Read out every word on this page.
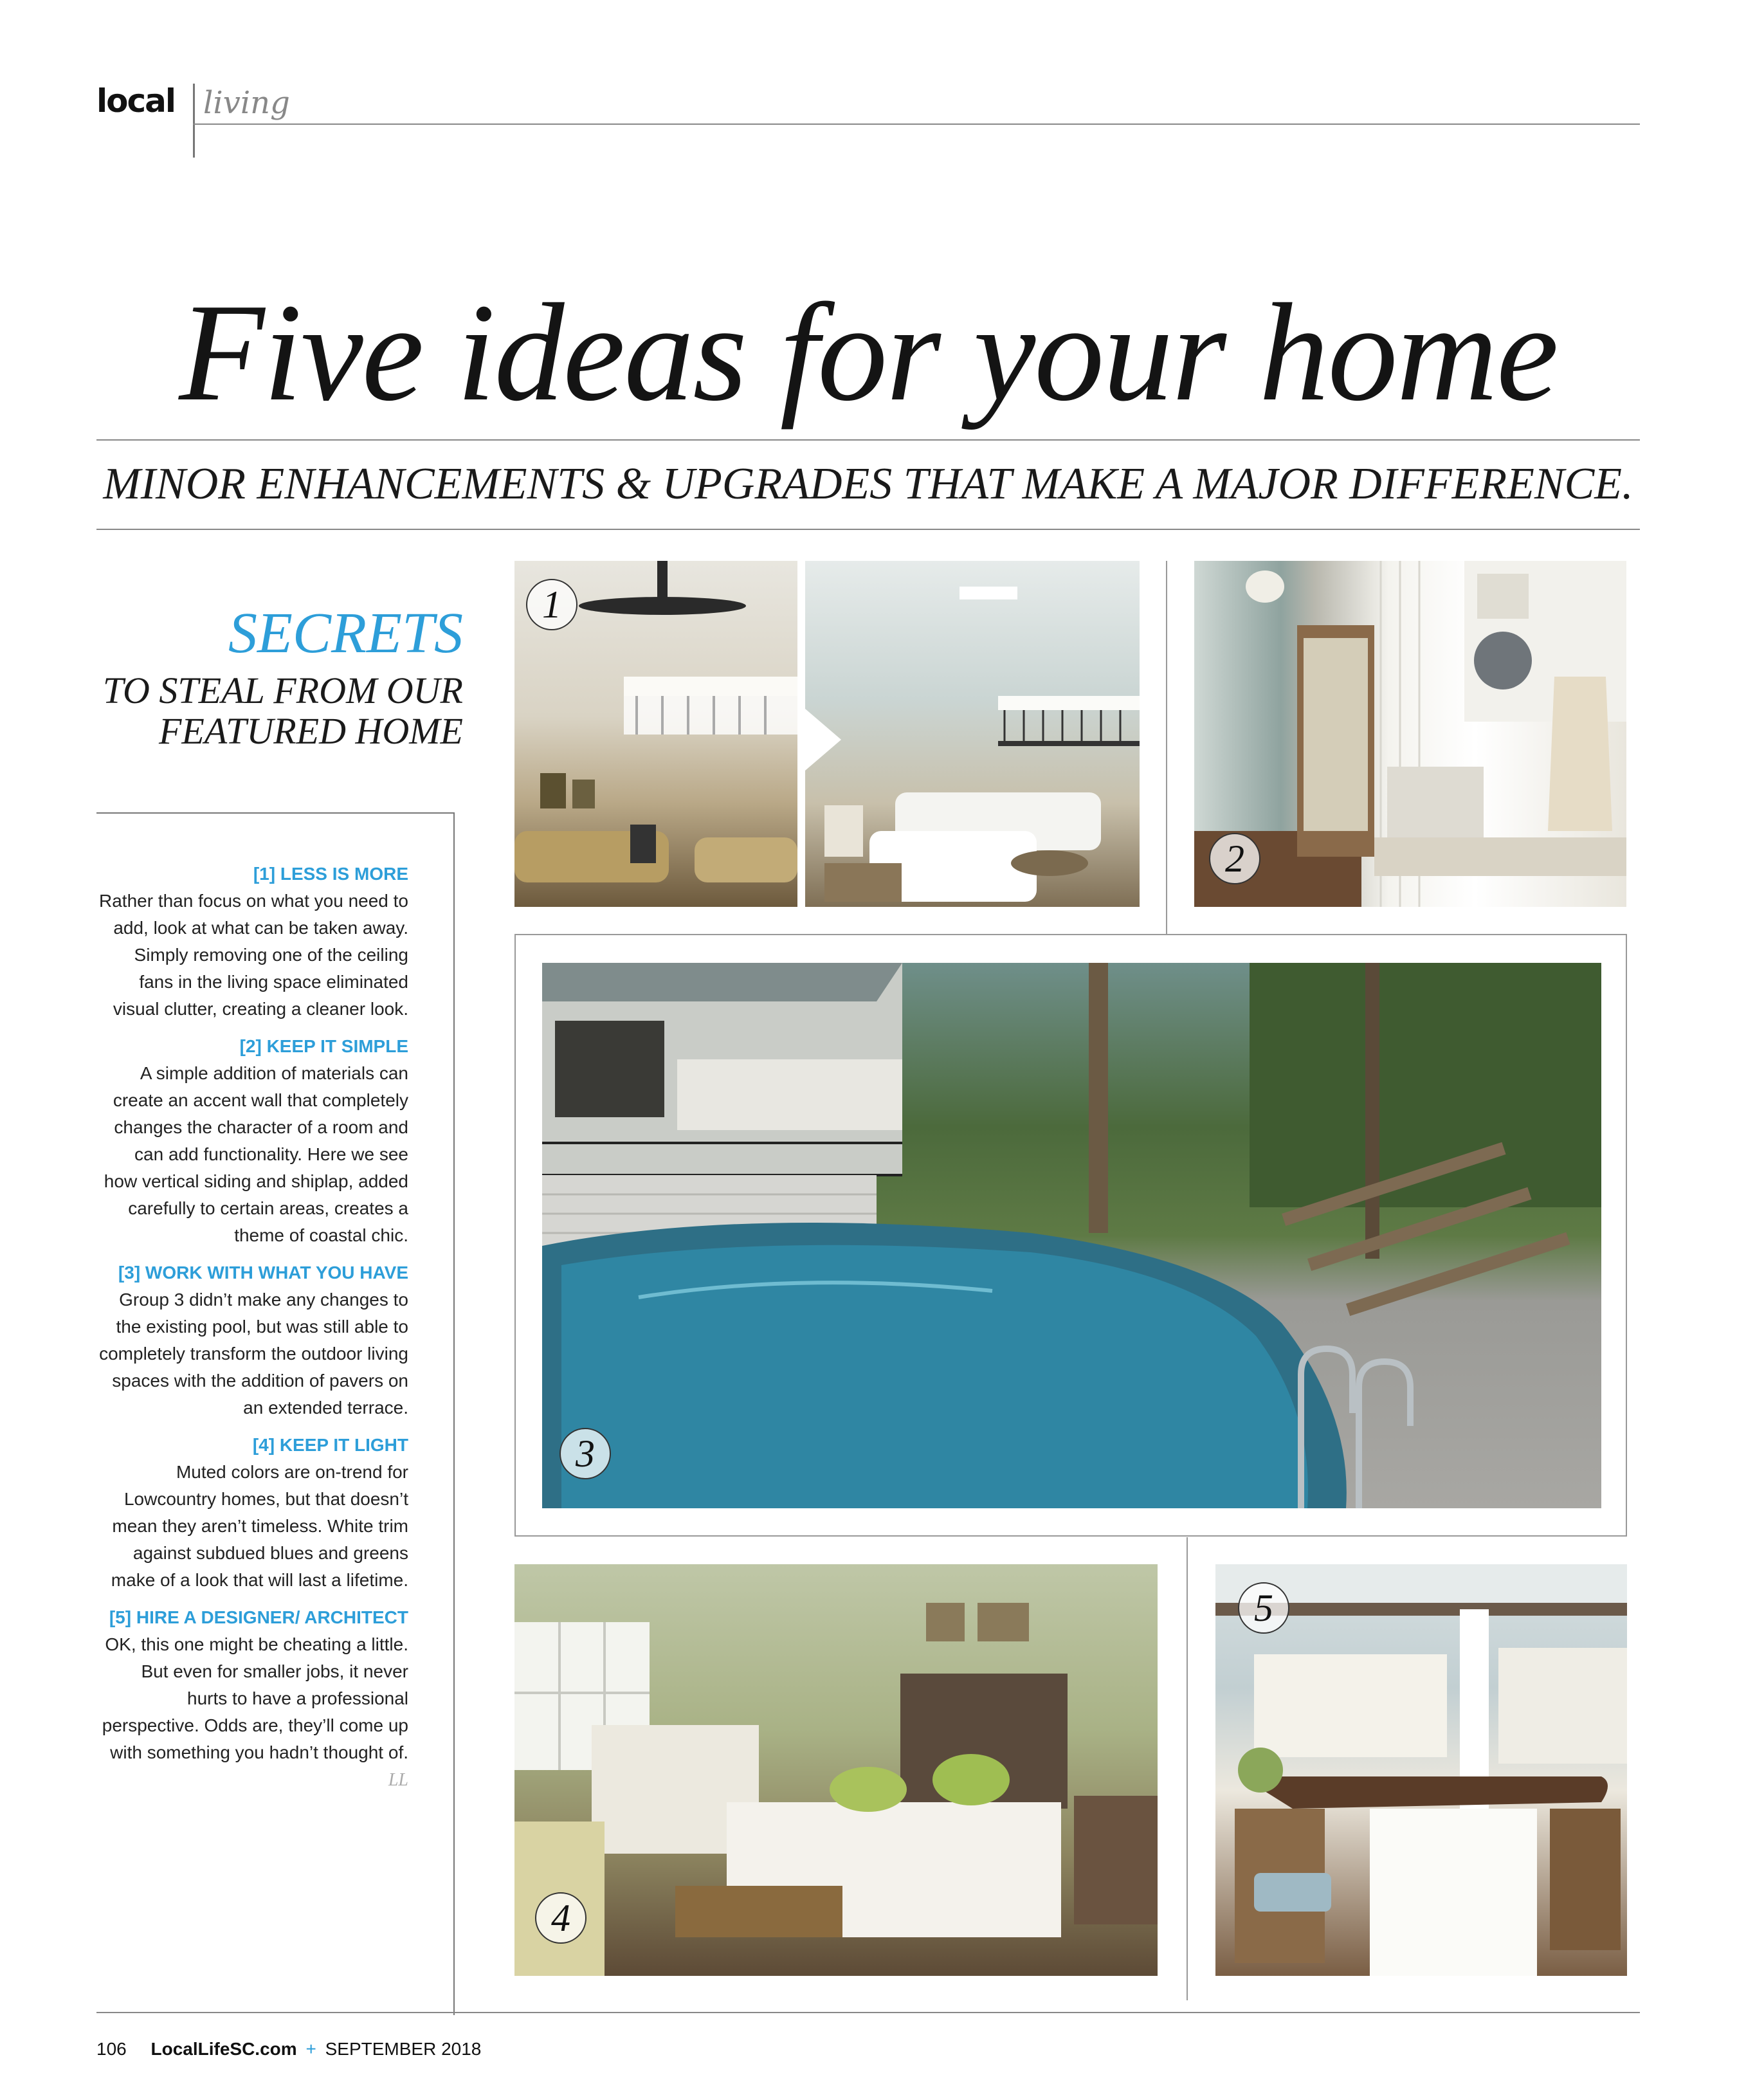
local living
Five ideas for your home
MINOR ENHANCEMENTS & UPGRADES THAT MAKE A MAJOR DIFFERENCE.
SECRETS
TO STEAL FROM OUR
FEATURED HOME

[1] LESS IS MORE

Rather than focus on what you need to add, look at what can be taken away. Simply removing one of the ceiling fans in the living space eliminated visual clutter, creating a cleaner look.

[2] KEEP IT SIMPLE

A simple addition of materials can create an accent wall that completely changes the character of a room and can add functionality. Here we see how vertical siding and shiplap, added carefully to certain areas, creates a theme of coastal chic.

[3] WORK WITH WHAT YOU HAVE

Group 3 didn’t make any changes to the existing pool, but was still able to completely transform the outdoor living spaces with the addition of pavers on an extended terrace.

[4] KEEP IT LIGHT

Muted colors are on-trend for Lowcountry homes, but that doesn’t mean they aren’t timeless. White trim against subdued blues and greens make of a look that will last a lifetime.

[5] HIRE A DESIGNER/ ARCHITECT

OK, this one might be cheating a little. But even for smaller jobs, it never hurts to have a professional perspective. Odds are, they’ll come up with something you hadn’t thought of. LL

1
2
3
4
5
106 LocalLifeSC.com + SEPTEMBER 2018
